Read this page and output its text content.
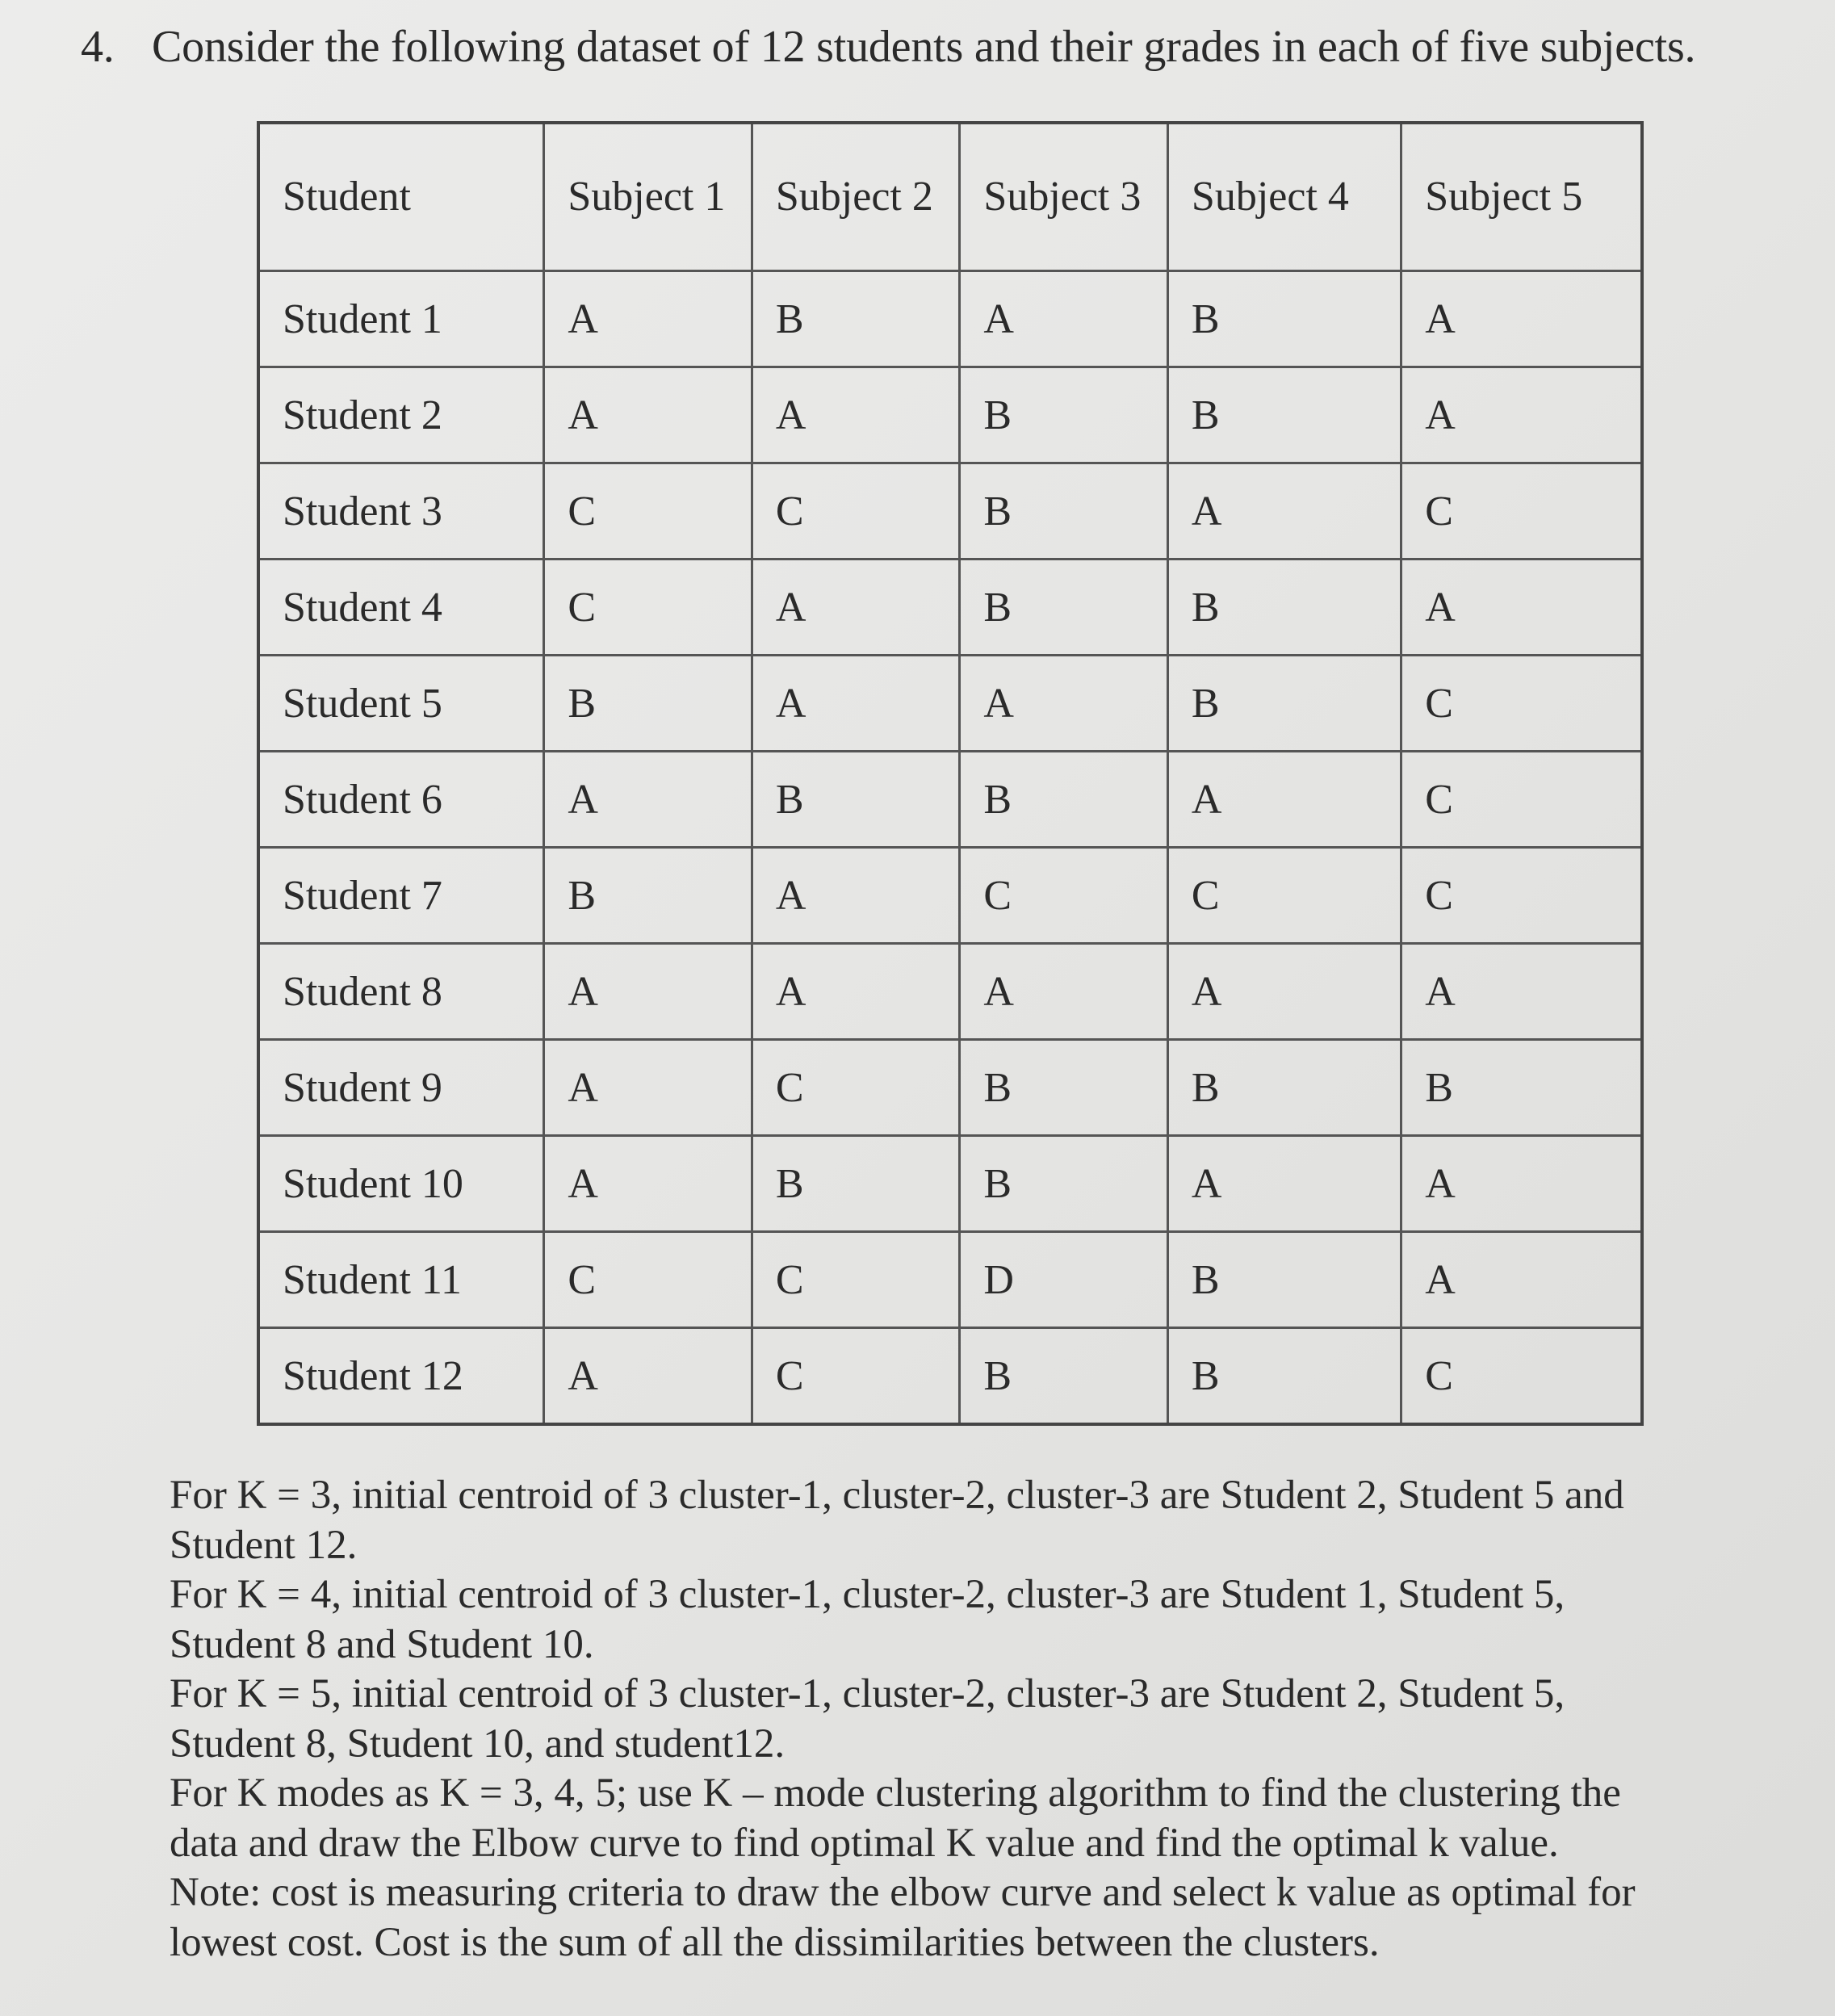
4. Consider the following dataset of 12 students and their grades in each of five subjects.
Student	Subject 1	Subject 2	Subject 3	Subject 4	Subject 5
Student 1	A	B	A	B	A
Student 2	A	A	B	B	A
Student 3	C	C	B	A	C
Student 4	C	A	B	B	A
Student 5	B	A	A	B	C
Student 6	A	B	B	A	C
Student 7	B	A	C	C	C
Student 8	A	A	A	A	A
Student 9	A	C	B	B	B
Student 10	A	B	B	A	A
Student 11	C	C	D	B	A
Student 12	A	C	B	B	C

For K = 3, initial centroid of 3 cluster-1, cluster-2, cluster-3 are Student 2, Student 5 and Student 12.

For K = 4, initial centroid of 3 cluster-1, cluster-2, cluster-3 are Student 1, Student 5, Student 8 and Student 10.

For K = 5, initial centroid of 3 cluster-1, cluster-2, cluster-3 are Student 2, Student 5, Student 8, Student 10, and student12.

For K modes as K = 3, 4, 5; use K – mode clustering algorithm to find the clustering the data and draw the Elbow curve to find optimal K value and find the optimal k value. Note: cost is measuring criteria to draw the elbow curve and select k value as optimal for lowest cost. Cost is the sum of all the dissimilarities between the clusters.
